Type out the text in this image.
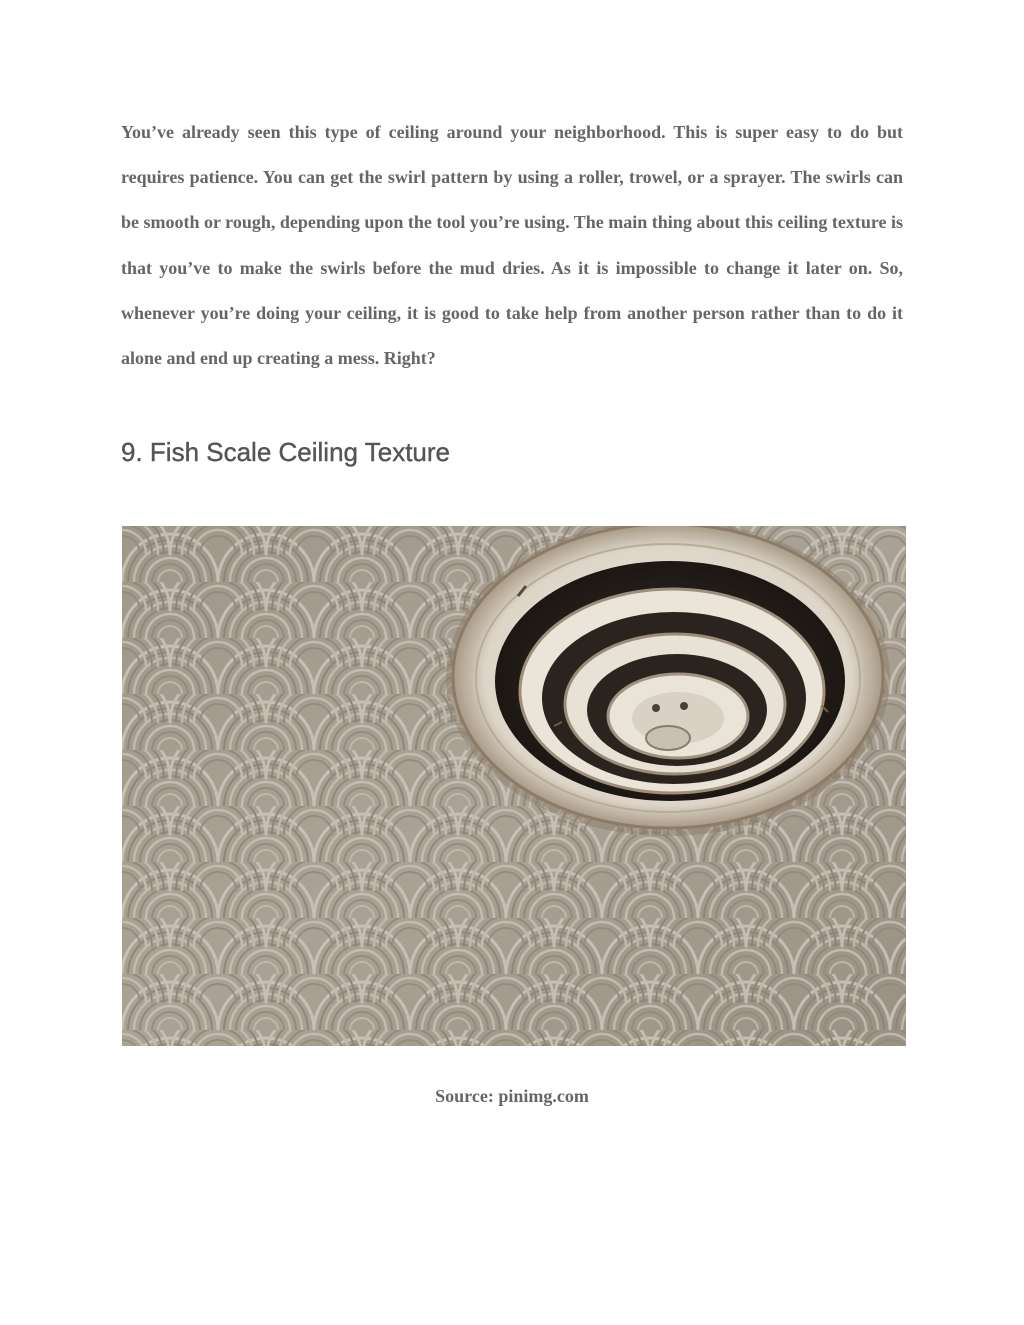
You’ve already seen this type of ceiling around your neighborhood. This is super easy to do but requires patience. You can get the swirl pattern by using a roller, trowel, or a sprayer. The swirls can be smooth or rough, depending upon the tool you’re using. The main thing about this ceiling texture is that you’ve to make the swirls before the mud dries. As it is impossible to change it later on. So, whenever you’re doing your ceiling, it is good to take help from another person rather than to do it alone and end up creating a mess. Right?

9. Fish Scale Ceiling Texture

Source: pinimg.com
